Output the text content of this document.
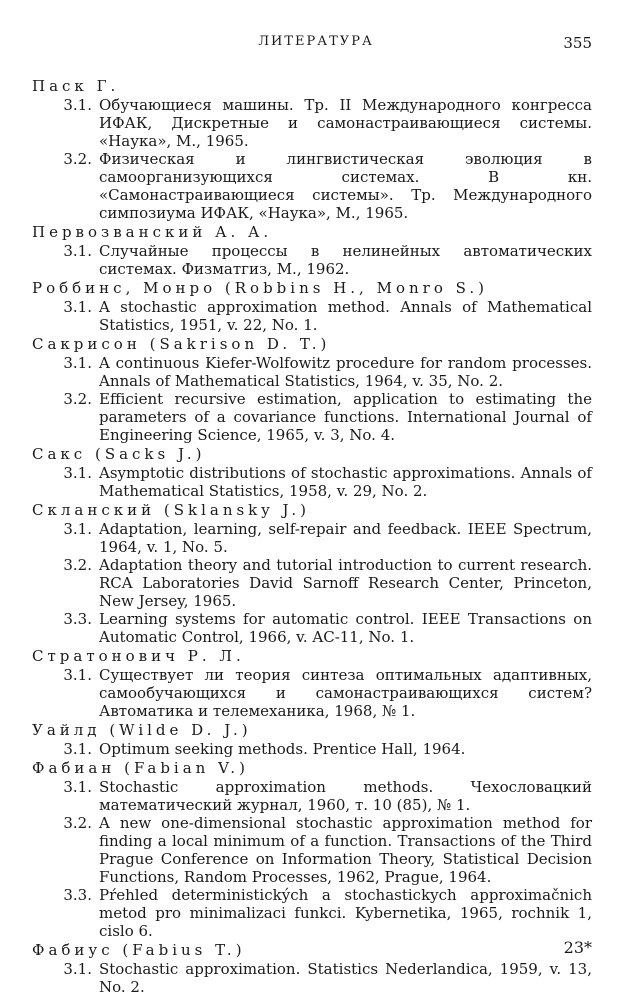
ЛИТЕРАТУРА	355
Паск Г.
3.1. Обучающиеся машины. Тр. II Международного конгресса ИФАК, Дискретные и самонастраивающиеся системы. «Наука», М., 1965.
3.2. Физическая и лингвистическая эволюция в самоорганизующихся системах. В кн. «Самонастраивающиеся системы». Тр. Международного симпозиума ИФАК, «Наука», М., 1965.
Первозванский А. А.
3.1. Случайные процессы в нелинейных автоматических системах. Физматгиз, М., 1962.
Роббинс, Монро (Robbins H., Monro S.)
3.1. A stochastic approximation method. Annals of Mathematical Statistics, 1951, v. 22, No. 1.
Сакрисон (Sakrison D. T.)
3.1. A continuous Kiefer-Wolfowitz procedure for random processes. Annals of Mathematical Statistics, 1964, v. 35, No. 2.
3.2. Efficient recursive estimation, application to estimating the parameters of a covariance functions. International Journal of Engineering Science, 1965, v. 3, No. 4.
Сакс (Sacks J.)
3.1. Asymptotic distributions of stochastic approximations. Annals of Mathematical Statistics, 1958, v. 29, No. 2.
Скланский (Sklansky J.)
3.1. Adaptation, learning, self-repair and feedback. IEEE Spectrum, 1964, v. 1, No. 5.
3.2. Adaptation theory and tutorial introduction to current research. RCA Laboratories David Sarnoff Research Center, Princeton, New Jersey, 1965.
3.3. Learning systems for automatic control. IEEE Transactions on Automatic Control, 1966, v. AC-11, No. 1.
Стратонович Р. Л.
3.1. Существует ли теория синтеза оптимальных адаптивных, самообучающихся и самонастраивающихся систем? Автоматика и телемеханика, 1968, № 1.
Уайлд (Wilde D. J.)
3.1. Optimum seeking methods. Prentice Hall, 1964.
Фабиан (Fabian V.)
3.1. Stochastic approximation methods. Чехословацкий математический журнал, 1960, т. 10 (85), № 1.
3.2. A new one-dimensional stochastic approximation method for finding a local minimum of a function. Transactions of the Third Prague Conference on Information Theory, Statistical Decision Functions, Random Processes, 1962, Prague, 1964.
3.3. Pŕehled deterministických a stochastickych approximačnich metod pro minimalizaci funkci. Kybernetika, 1965, rochnik 1, cislo 6.
Фабиус (Fabius T.)
3.1. Stochastic approximation. Statistics Nederlandica, 1959, v. 13, No. 2.
23*
